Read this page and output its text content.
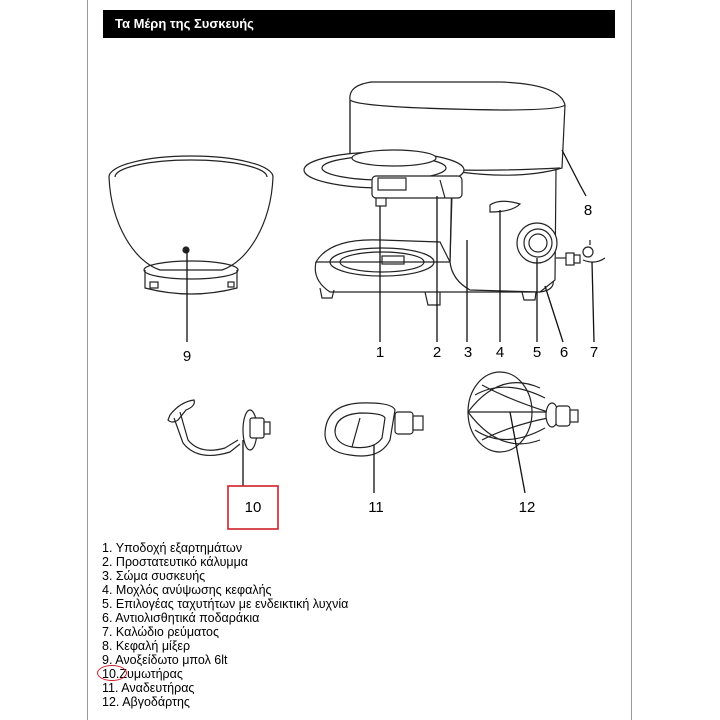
Τα Μέρη της Συσκευής
9	1	2 3 4 5 6 7
8
10	11	12
1. Υποδοχή εξαρτημάτων
2. Προστατευτικό κάλυμμα
3. Σώμα συσκευής
4. Μοχλός ανύψωσης κεφαλής
5. Επιλογέας ταχυτήτων με ενδεικτική λυχνία
6. Αντιολισθητικά ποδαράκια
7. Καλώδιο ρεύματος
8. Κεφαλή μίξερ
9. Ανοξείδωτο μπολ 6lt
10.Ζυμωτήρας
11. Αναδευτήρας
12. Αβγοδάρτης
